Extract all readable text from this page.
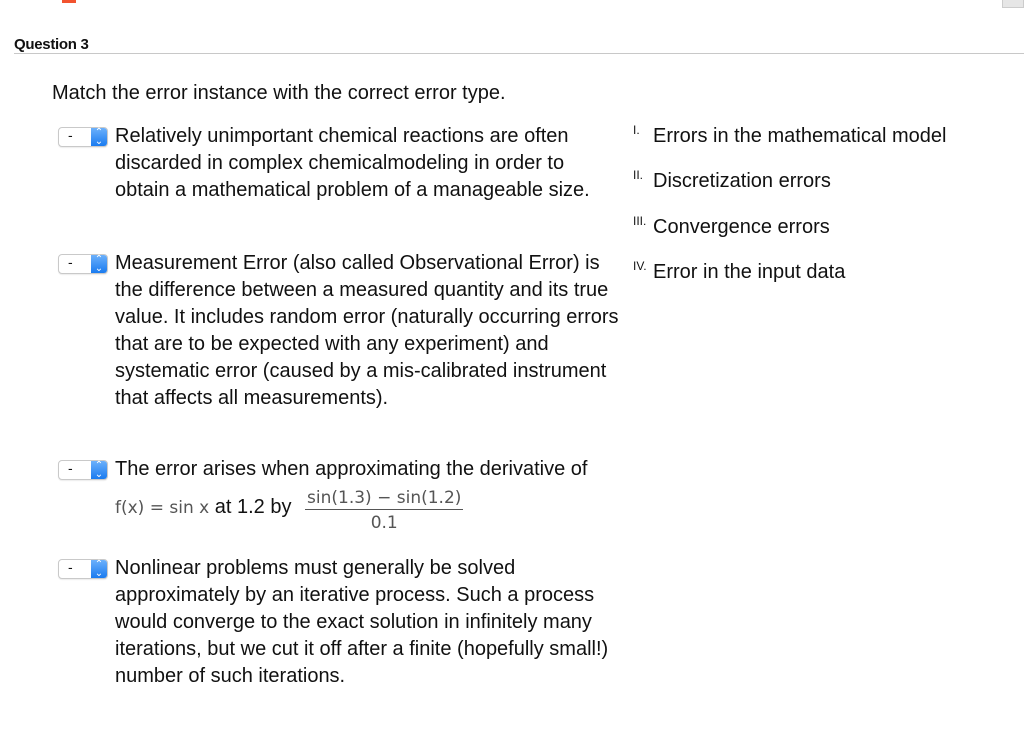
Question 3
Match the error instance with the correct error type.
-	⌃
⌄ Relatively unimportant chemical reactions are often discarded in complex chemicalmodeling in order to obtain a mathematical problem of a manageable size.
-	⌃
⌄ Measurement Error (also called Observational Error) is the difference between a measured quantity and its true value. It includes random error (naturally occurring errors that are to be expected with any experiment) and systematic error (caused by a mis-calibrated instrument that affects all measurements).
-	⌃
⌄ The error arises when approximating the derivative of
f(x) = sin x at 1.2 by $\frac{\sin(1.3) - \sin(1.2)}{0.1}$
-	⌃
⌄ Nonlinear problems must generally be solved approximately by an iterative process. Such a process would converge to the exact solution in infinitely many iterations, but we cut it off after a finite (hopefully small!) number of such iterations.
I. Errors in the mathematical model
II. Discretization errors
III. Convergence errors
IV. Error in the input data
